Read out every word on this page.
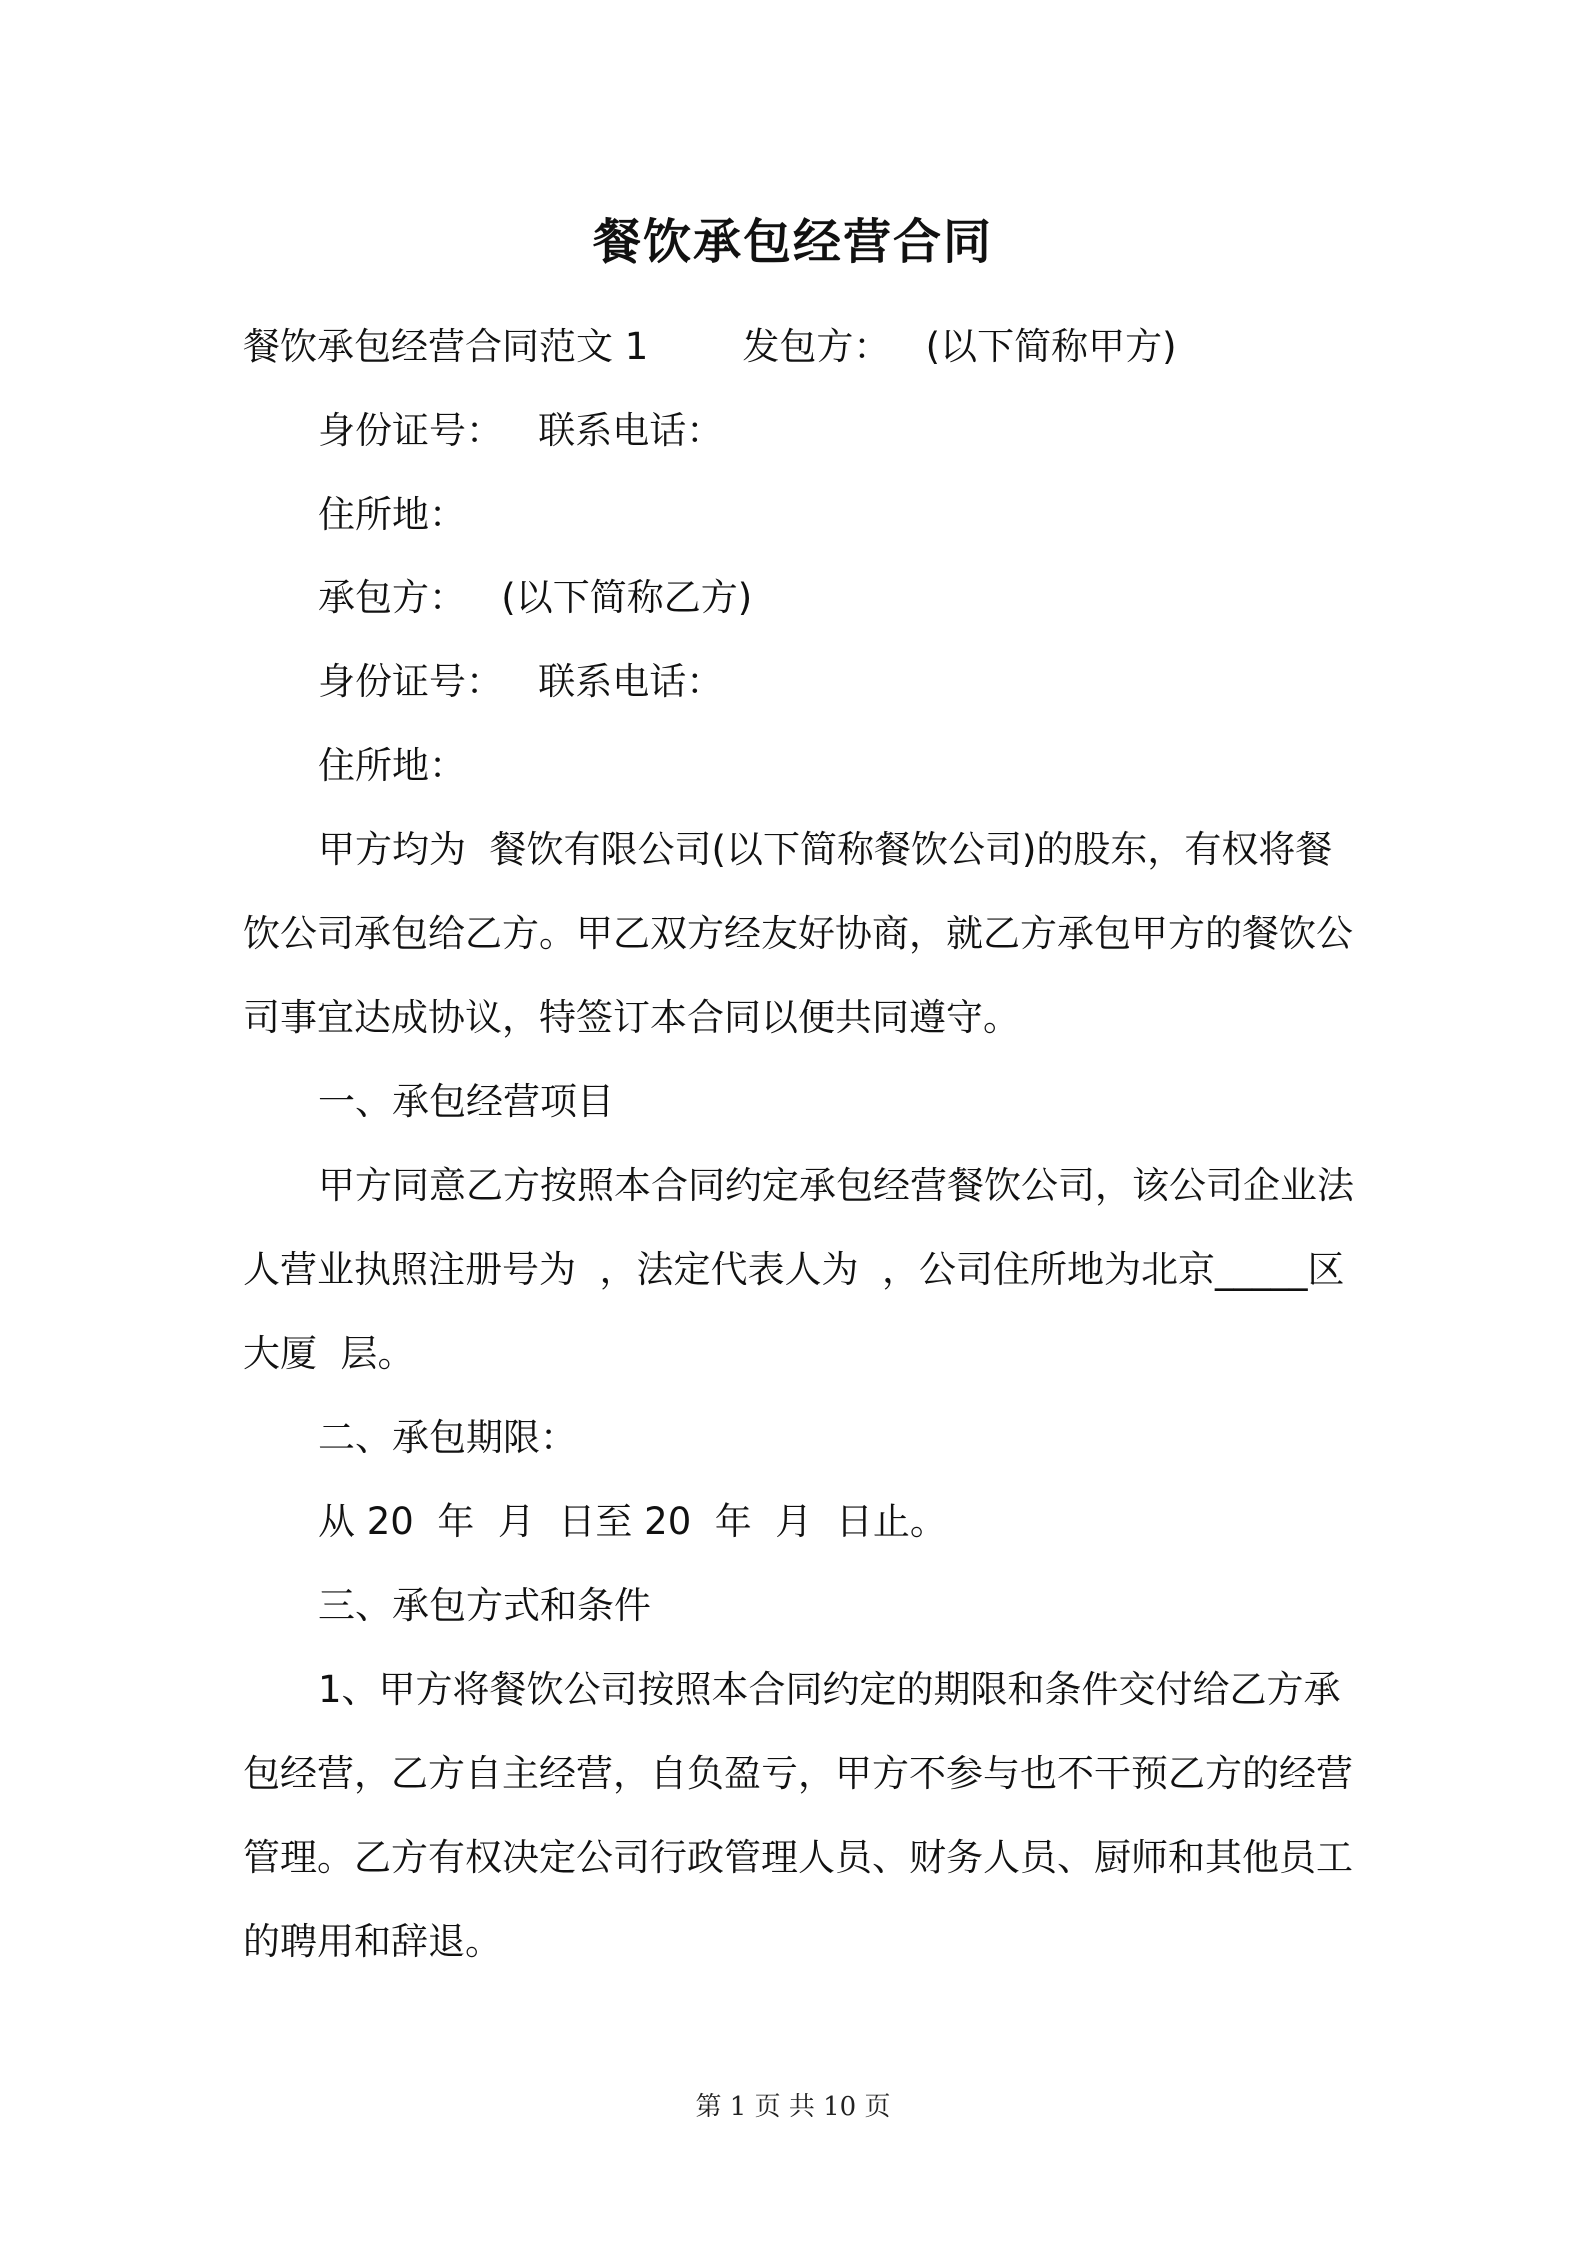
餐饮承包经营合同
餐饮承包经营合同范文 1        发包方：   (以下简称甲方)
身份证号：   联系电话：
住所地：
承包方：   (以下简称乙方)
身份证号：   联系电话：
住所地：
甲方均为  餐饮有限公司(以下简称餐饮公司)的股东，有权将餐
饮公司承包给乙方。甲乙双方经友好协商，就乙方承包甲方的餐饮公
司事宜达成协议，特签订本合同以便共同遵守。
一、承包经营项目
甲方同意乙方按照本合同约定承包经营餐饮公司，该公司企业法
人营业执照注册号为  ，法定代表人为  ，公司住所地为北京_____区
大厦  层。
二、承包期限：
从 20  年  月  日至 20  年  月  日止。
三、承包方式和条件
1、甲方将餐饮公司按照本合同约定的期限和条件交付给乙方承
包经营，乙方自主经营，自负盈亏，甲方不参与也不干预乙方的经营
管理。乙方有权决定公司行政管理人员、财务人员、厨师和其他员工
的聘用和辞退。
第 1 页 共 10 页
